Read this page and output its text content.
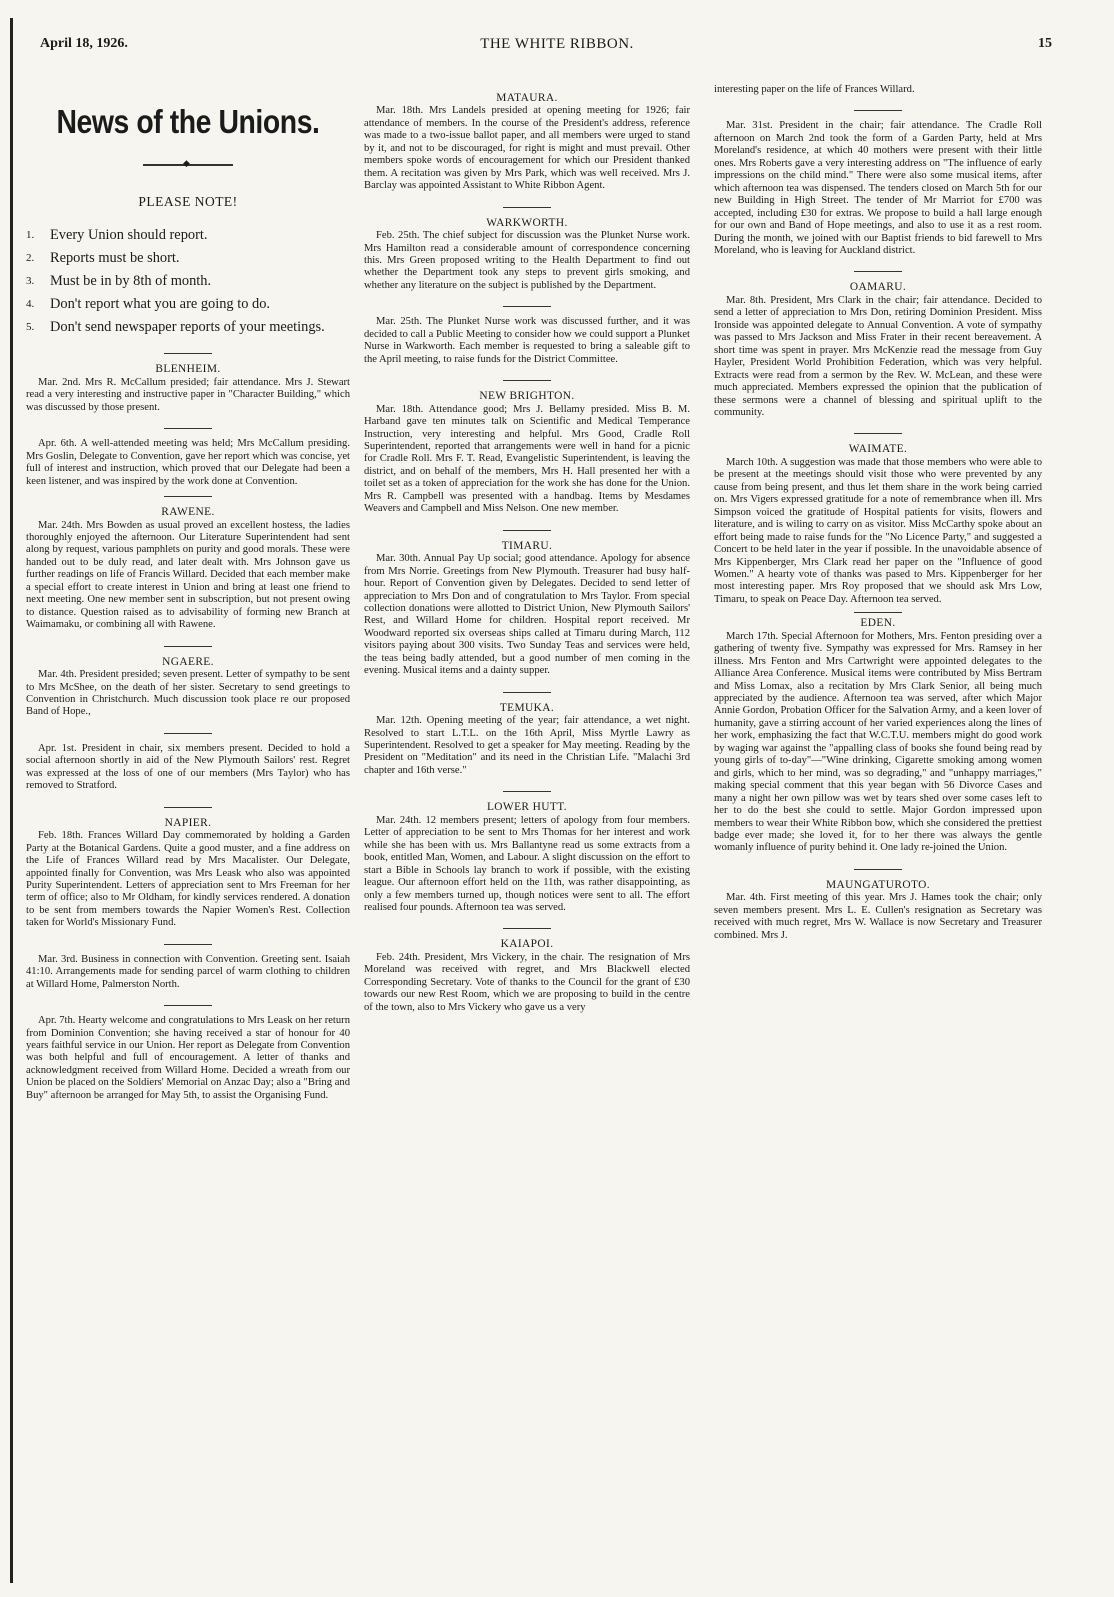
April 18, 1926.	THE WHITE RIBBON.	15
News of the Unions.
◆
PLEASE NOTE!
1.	Every Union should report.
2.	Reports must be short.
3.	Must be in by 8th of month.
4.	Don't report what you are going to do.
5.	Don't send newspaper reports of your meetings.
BLENHEIM.

Mar. 2nd. Mrs R. McCallum presided; fair attendance. Mrs J. Stewart read a very interesting and instructive paper in "Character Building," which was discussed by those present.

Apr. 6th. A well-attended meeting was held; Mrs McCallum presiding. Mrs Goslin, Delegate to Convention, gave her report which was concise, yet full of interest and instruction, which proved that our Delegate had been a keen listener, and was inspired by the work done at Convention.

RAWENE.

Mar. 24th. Mrs Bowden as usual proved an excellent hostess, the ladies thoroughly enjoyed the afternoon. Our Literature Superintendent had sent along by request, various pamphlets on purity and good morals. These were handed out to be duly read, and later dealt with. Mrs Johnson gave us further readings on life of Francis Willard. Decided that each member make a special effort to create interest in Union and bring at least one friend to next meeting. One new member sent in subscription, but not present owing to distance. Question raised as to advisability of forming new Branch at Waimamaku, or combining all with Rawene.

NGAERE.

Mar. 4th. President presided; seven present. Letter of sympathy to be sent to Mrs McShee, on the death of her sister. Secretary to send greetings to Convention in Christchurch. Much discussion took place re our proposed Band of Hope.,

Apr. 1st. President in chair, six members present. Decided to hold a social afternoon shortly in aid of the New Plymouth Sailors' rest. Regret was expressed at the loss of one of our members (Mrs Taylor) who has removed to Stratford.

NAPIER.

Feb. 18th. Frances Willard Day commemorated by holding a Garden Party at the Botanical Gardens. Quite a good muster, and a fine address on the Life of Frances Willard read by Mrs Macalister. Our Delegate, appointed finally for Convention, was Mrs Leask who also was appointed Purity Superintendent. Letters of appreciation sent to Mrs Freeman for her term of office; also to Mr Oldham, for kindly services rendered. A donation to be sent from members towards the Napier Women's Rest. Collection taken for World's Missionary Fund.

Mar. 3rd. Business in connection with Convention. Greeting sent. Isaiah 41:10. Arrangements made for sending parcel of warm clothing to children at Willard Home, Palmerston North.

Apr. 7th. Hearty welcome and congratulations to Mrs Leask on her return from Dominion Convention; she having received a star of honour for 40 years faithful service in our Union. Her report as Delegate from Convention was both helpful and full of encouragement. A letter of thanks and acknowledgment received from Willard Home. Decided a wreath from our Union be placed on the Soldiers' Memorial on Anzac Day; also a "Bring and Buy" afternoon be arranged for May 5th, to assist the Organising Fund.

MATAURA.

Mar. 18th. Mrs Landels presided at opening meeting for 1926; fair attendance of members. In the course of the President's address, reference was made to a two-issue ballot paper, and all members were urged to stand by it, and not to be discouraged, for right is might and must prevail. Other members spoke words of encouragement for which our President thanked them. A recitation was given by Mrs Park, which was well received. Mrs J. Barclay was appointed Assistant to White Ribbon Agent.

WARKWORTH.

Feb. 25th. The chief subject for discussion was the Plunket Nurse work. Mrs Hamilton read a considerable amount of correspondence concerning this. Mrs Green proposed writing to the Health Department to find out whether the Department took any steps to prevent girls smoking, and whether any literature on the subject is published by the Department.

Mar. 25th. The Plunket Nurse work was discussed further, and it was decided to call a Public Meeting to consider how we could support a Plunket Nurse in Warkworth. Each member is requested to bring a saleable gift to the April meeting, to raise funds for the District Committee.

NEW BRIGHTON.

Mar. 18th. Attendance good; Mrs J. Bellamy presided. Miss B. M. Harband gave ten minutes talk on Scientific and Medical Temperance Instruction, very interesting and helpful. Mrs Good, Cradle Roll Superintendent, reported that arrangements were well in hand for a picnic for Cradle Roll. Mrs F. T. Read, Evangelistic Superintendent, is leaving the district, and on behalf of the members, Mrs H. Hall presented her with a toilet set as a token of appreciation for the work she has done for the Union. Mrs R. Campbell was presented with a handbag. Items by Mesdames Weavers and Campbell and Miss Nelson. One new member.

TIMARU.

Mar. 30th. Annual Pay Up social; good attendance. Apology for absence from Mrs Norrie. Greetings from New Plymouth. Treasurer had busy half-hour. Report of Convention given by Delegates. Decided to send letter of appreciation to Mrs Don and of congratulation to Mrs Taylor. From special collection donations were allotted to District Union, New Plymouth Sailors' Rest, and Willard Home for children. Hospital report received. Mr Woodward reported six overseas ships called at Timaru during March, 112 visitors paying about 300 visits. Two Sunday Teas and services were held, the teas being badly attended, but a good number of men coming in the evening. Musical items and a dainty supper.

TEMUKA.

Mar. 12th. Opening meeting of the year; fair attendance, a wet night. Resolved to start L.T.L. on the 16th April, Miss Myrtle Lawry as Superintendent. Resolved to get a speaker for May meeting. Reading by the President on "Meditation" and its need in the Christian Life. "Malachi 3rd chapter and 16th verse."

LOWER HUTT.

Mar. 24th. 12 members present; letters of apology from four members. Letter of appreciation to be sent to Mrs Thomas for her interest and work while she has been with us. Mrs Ballantyne read us some extracts from a book, entitled Man, Women, and Labour. A slight discussion on the effort to start a Bible in Schools lay branch to work if possible, with the existing league. Our afternoon effort held on the 11th, was rather disappointing, as only a few members turned up, though notices were sent to all. The effort realised four pounds. Afternoon tea was served.

KAIAPOI.

Feb. 24th. President, Mrs Vickery, in the chair. The resignation of Mrs Moreland was received with regret, and Mrs Blackwell elected Corresponding Secretary. Vote of thanks to the Council for the grant of £30 towards our new Rest Room, which we are proposing to build in the centre of the town, also to Mrs Vickery who gave us a very

interesting paper on the life of Frances Willard.

Mar. 31st. President in the chair; fair attendance. The Cradle Roll afternoon on March 2nd took the form of a Garden Party, held at Mrs Moreland's residence, at which 40 mothers were present with their little ones. Mrs Roberts gave a very interesting address on "The influence of early impressions on the child mind." There were also some musical items, after which afternoon tea was dispensed. The tenders closed on March 5th for our new Building in High Street. The tender of Mr Marriot for £700 was accepted, including £30 for extras. We propose to build a hall large enough for our own and Band of Hope meetings, and also to use it as a rest room. During the month, we joined with our Baptist friends to bid farewell to Mrs Moreland, who is leaving for Auckland district.

OAMARU.

Mar. 8th. President, Mrs Clark in the chair; fair attendance. Decided to send a letter of appreciation to Mrs Don, retiring Dominion President. Miss Ironside was appointed delegate to Annual Convention. A vote of sympathy was passed to Mrs Jackson and Miss Frater in their recent bereavement. A short time was spent in prayer. Mrs McKenzie read the message from Guy Hayler, President World Prohibition Federation, which was very helpful. Extracts were read from a sermon by the Rev. W. McLean, and these were much appreciated. Members expressed the opinion that the publication of these sermons were a channel of blessing and spiritual uplift to the community.

WAIMATE.

March 10th. A suggestion was made that those members who were able to be present at the meetings should visit those who were prevented by any cause from being present, and thus let them share in the work being carried on. Mrs Vigers expressed gratitude for a note of remembrance when ill. Mrs Simpson voiced the gratitude of Hospital patients for visits, flowers and literature, and is wiling to carry on as visitor. Miss McCarthy spoke about an effort being made to raise funds for the "No Licence Party," and suggested a Concert to be held later in the year if possible. In the unavoidable absence of Mrs Kippenberger, Mrs Clark read her paper on the "Influence of good Women." A hearty vote of thanks was pased to Mrs. Kippenberger for her most interesting paper. Mrs Roy proposed that we should ask Mrs Low, Timaru, to speak on Peace Day. Afternoon tea served.

EDEN.

March 17th. Special Afternoon for Mothers, Mrs. Fenton presiding over a gathering of twenty five. Sympathy was expressed for Mrs. Ramsey in her illness. Mrs Fenton and Mrs Cartwright were appointed delegates to the Alliance Area Conference. Musical items were contributed by Miss Bertram and Miss Lomax, also a recitation by Mrs Clark Senior, all being much appreciated by the audience. Afternoon tea was served, after which Major Annie Gordon, Probation Officer for the Salvation Army, and a keen lover of humanity, gave a stirring account of her varied experiences along the lines of her work, emphasizing the fact that W.C.T.U. members might do good work by waging war against the "appalling class of books she found being read by young girls of to-day"—"Wine drinking, Cigarette smoking among women and girls, which to her mind, was so degrading," and "unhappy marriages," making special comment that this year began with 56 Divorce Cases and many a night her own pillow was wet by tears shed over some cases left to her to do the best she could to settle. Major Gordon impressed upon members to wear their White Ribbon bow, which she considered the prettiest badge ever made; she loved it, for to her there was always the gentle womanly influence of purity behind it. One lady re-joined the Union.

MAUNGATUROTO.

Mar. 4th. First meeting of this year. Mrs J. Hames took the chair; only seven members present. Mrs L. E. Cullen's resignation as Secretary was received with much regret, Mrs W. Wallace is now Secretary and Treasurer combined. Mrs J.
